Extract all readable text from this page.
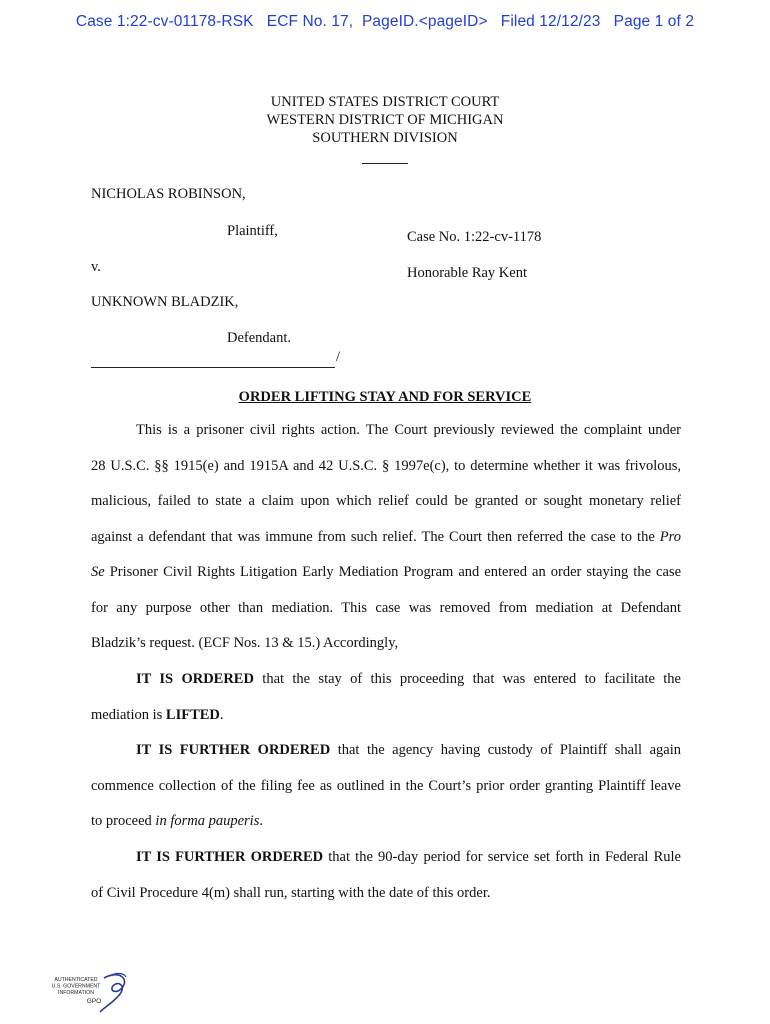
Case 1:22-cv-01178-RSK   ECF No. 17,  PageID.<pageID>   Filed 12/12/23   Page 1 of 2
UNITED STATES DISTRICT COURT
WESTERN DISTRICT OF MICHIGAN
SOUTHERN DIVISION
NICHOLAS ROBINSON,
Plaintiff,	Case No. 1:22-cv-1178
v.	Honorable Ray Kent
UNKNOWN BLADZIK,
Defendant.
/
ORDER LIFTING STAY AND FOR SERVICE
This is a prisoner civil rights action. The Court previously reviewed the complaint under
28 U.S.C. §§ 1915(e) and 1915A and 42 U.S.C. § 1997e(c), to determine whether it was frivolous,
malicious, failed to state a claim upon which relief could be granted or sought monetary relief
against a defendant that was immune from such relief. The Court then referred the case to the Pro
Se Prisoner Civil Rights Litigation Early Mediation Program and entered an order staying the case
for any purpose other than mediation. This case was removed from mediation at Defendant
Bladzik’s request. (ECF Nos. 13 & 15.) Accordingly,
IT IS ORDERED that the stay of this proceeding that was entered to facilitate the
mediation is LIFTED.
IT IS FURTHER ORDERED that the agency having custody of Plaintiff shall again
commence collection of the filing fee as outlined in the Court’s prior order granting Plaintiff leave
to proceed in forma pauperis.
IT IS FURTHER ORDERED that the 90-day period for service set forth in Federal Rule
of Civil Procedure 4(m) shall run, starting with the date of this order.
AUTHENTICATED
U.S. GOVERNMENT
INFORMATION
GPO
